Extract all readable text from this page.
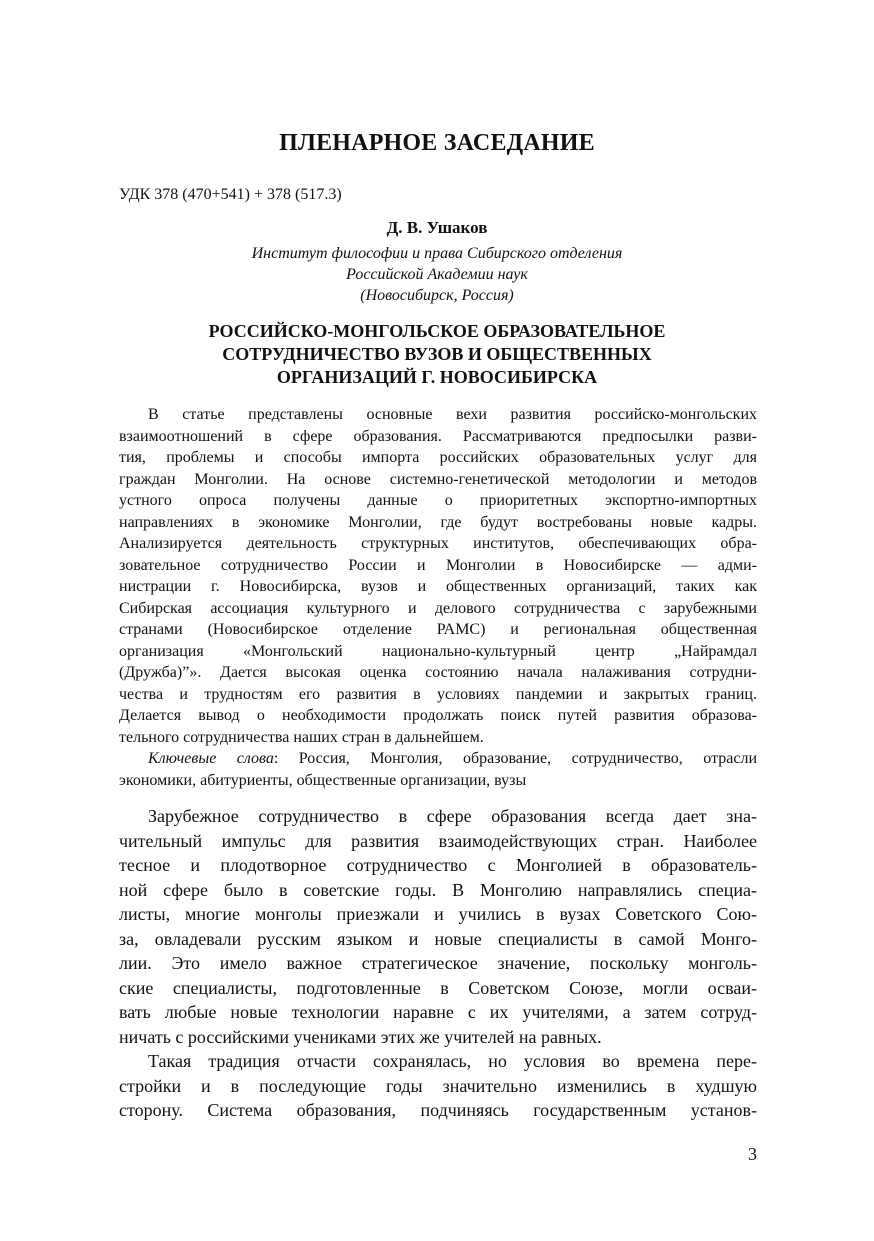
ПЛЕНАРНОЕ ЗАСЕДАНИЕ
УДК 378 (470+541) + 378 (517.3)
Д. В. Ушаков
Институт философии и права Сибирского отделения
Российской Академии наук
(Новосибирск, Россия)
РОССИЙСКО-МОНГОЛЬСКОЕ ОБРАЗОВАТЕЛЬНОЕ
СОТРУДНИЧЕСТВО ВУЗОВ И ОБЩЕСТВЕННЫХ
ОРГАНИЗАЦИЙ Г. НОВОСИБИРСКА
В статье представлены основные вехи развития российско-монгольских
взаимоотношений в сфере образования. Рассматриваются предпосылки разви-
тия, проблемы и способы импорта российских образовательных услуг для
граждан Монголии. На основе системно-генетической методологии и методов
устного опроса получены данные о приоритетных экспортно-импортных
направлениях в экономике Монголии, где будут востребованы новые кадры.
Анализируется деятельность структурных институтов, обеспечивающих обра-
зовательное сотрудничество России и Монголии в Новосибирске — адми-
нистрации г. Новосибирска, вузов и общественных организаций, таких как
Сибирская ассоциация культурного и делового сотрудничества с зарубежными
странами (Новосибирское отделение РАМС) и региональная общественная
организация «Монгольский национально-культурный центр „Найрамдал
(Дружба)”». Дается высокая оценка состоянию начала налаживания сотрудни-
чества и трудностям его развития в условиях пандемии и закрытых границ.
Делается вывод о необходимости продолжать поиск путей развития образова-
тельного сотрудничества наших стран в дальнейшем.
Ключевые слова: Россия, Монголия, образование, сотрудничество, отрасли
экономики, абитуриенты, общественные организации, вузы
Зарубежное сотрудничество в сфере образования всегда дает зна-
чительный импульс для развития взаимодействующих стран. Наиболее
тесное и плодотворное сотрудничество с Монголией в образователь-
ной сфере было в советские годы. В Монголию направлялись специа-
листы, многие монголы приезжали и учились в вузах Советского Сою-
за, овладевали русским языком и новые специалисты в самой Монго-
лии. Это имело важное стратегическое значение, поскольку монголь-
ские специалисты, подготовленные в Советском Союзе, могли осваи-
вать любые новые технологии наравне с их учителями, а затем сотруд-
ничать с российскими учениками этих же учителей на равных.
Такая традиция отчасти сохранялась, но условия во времена пере-
стройки и в последующие годы значительно изменились в худшую
сторону. Система образования, подчиняясь государственным установ-
3
